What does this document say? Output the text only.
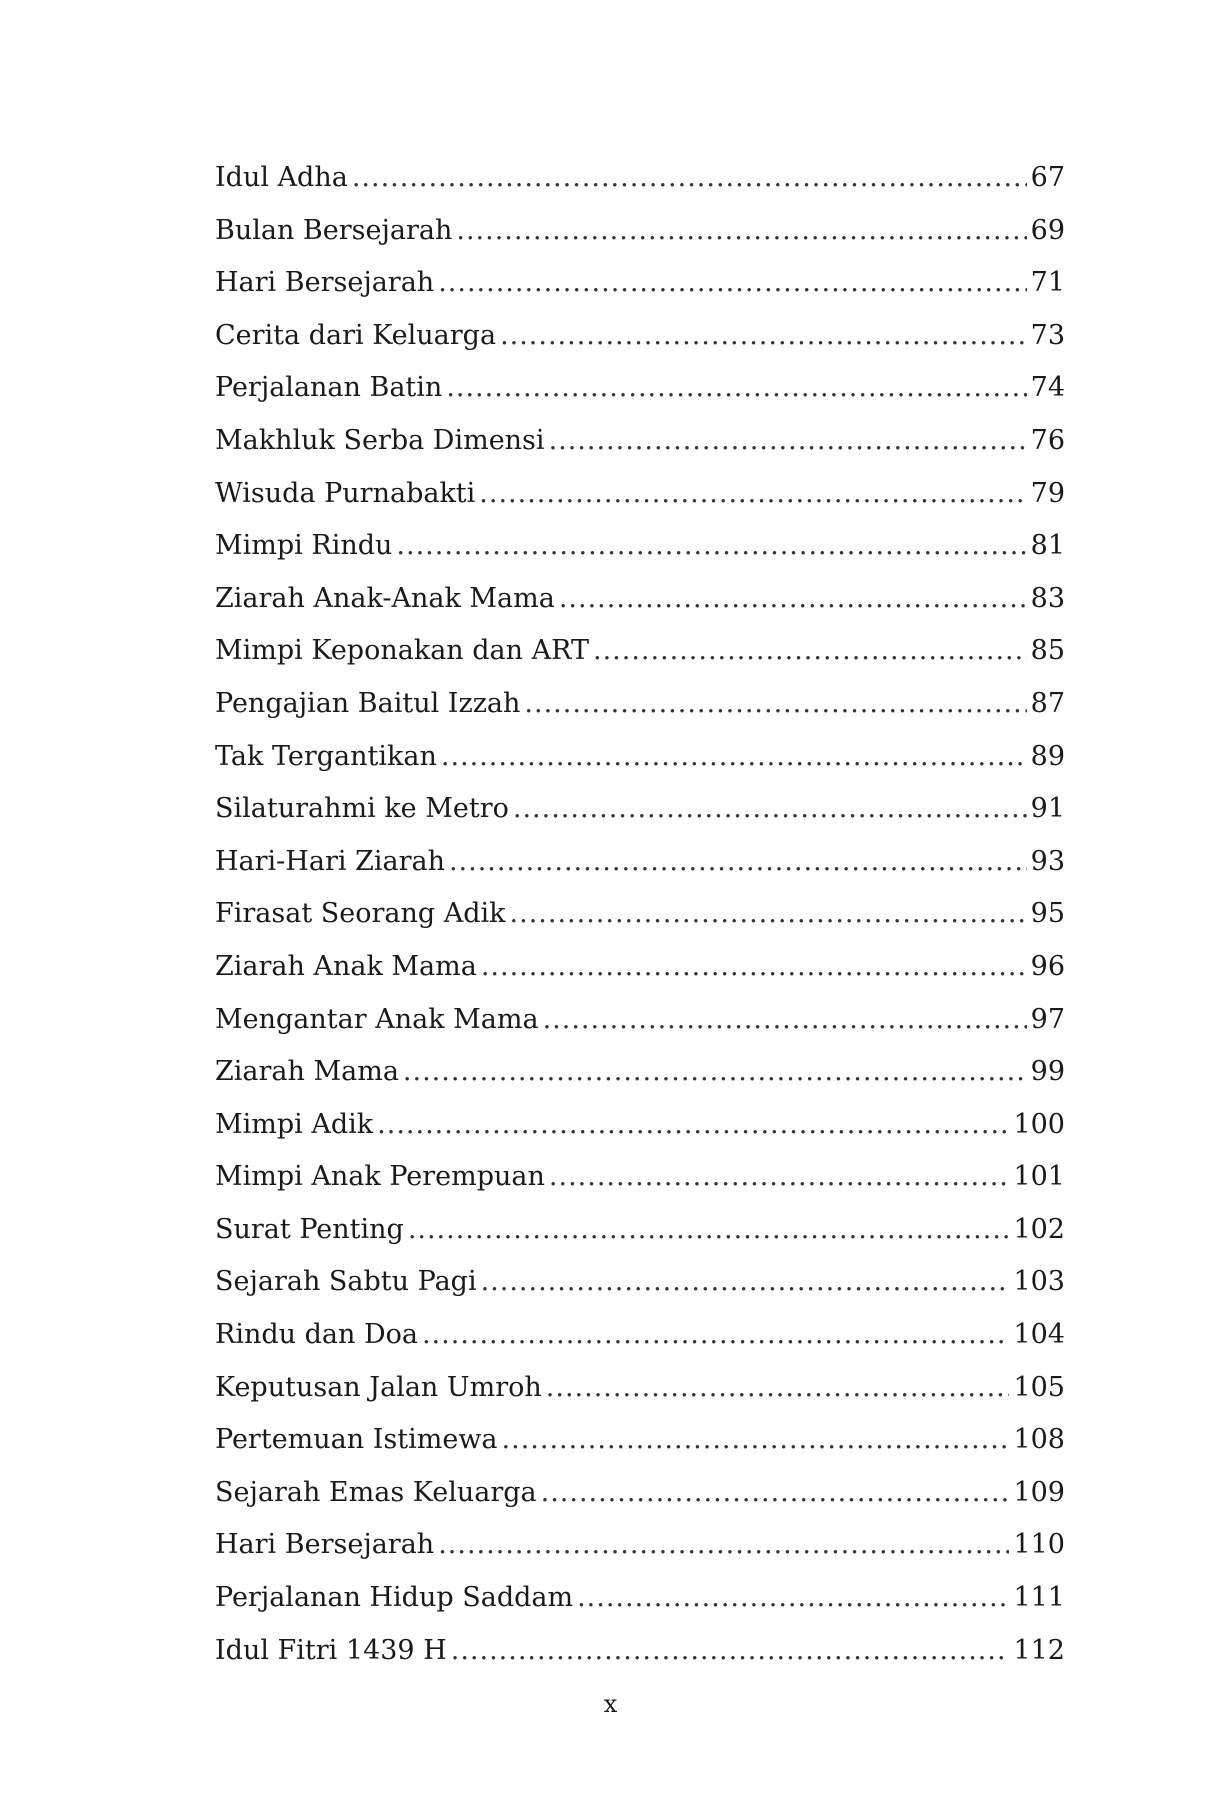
Idul Adha .....	67
Bulan Bersejarah .....	69
Hari Bersejarah .....	71
Cerita dari Keluarga .....	73
Perjalanan Batin .....	74
Makhluk Serba Dimensi .....	76
Wisuda Purnabakti .....	79
Mimpi Rindu .....	81
Ziarah Anak-Anak Mama .....	83
Mimpi Keponakan dan ART .....	85
Pengajian Baitul Izzah .....	87
Tak Tergantikan .....	89
Silaturahmi ke Metro .....	91
Hari-Hari Ziarah .....	93
Firasat Seorang Adik .....	95
Ziarah Anak Mama .....	96
Mengantar Anak Mama .....	97
Ziarah Mama .....	99
Mimpi Adik .....	100
Mimpi Anak Perempuan .....	101
Surat Penting .....	102
Sejarah Sabtu Pagi .....	103
Rindu dan Doa .....	104
Keputusan Jalan Umroh .....	105
Pertemuan Istimewa .....	108
Sejarah Emas Keluarga .....	109
Hari Bersejarah .....	110
Perjalanan Hidup Saddam .....	111
Idul Fitri 1439 H .....	112
x
